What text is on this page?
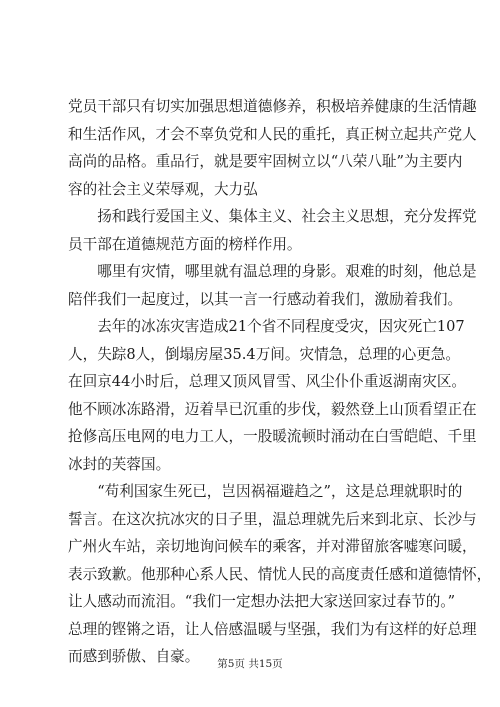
党员干部只有切实加强思想道德修养，积极培养健康的生活情趣
和生活作风，才会不辜负党和人民的重托，真正树立起共产党人
高尚的品格。重品行，就是要牢固树立以“八荣八耻”为主要内
容的社会主义荣辱观，大力弘
　　扬和践行爱国主义、集体主义、社会主义思想，充分发挥党
员干部在道德规范方面的榜样作用。
　　哪里有灾情，哪里就有温总理的身影。艰难的时刻，他总是
陪伴我们一起度过，以其一言一行感动着我们，激励着我们。
　　去年的冰冻灾害造成21个省不同程度受灾，因灾死亡107
人，失踪8人，倒塌房屋35.4万间。灾情急，总理的心更急。
在回京44小时后，总理又顶风冒雪、风尘仆仆重返湖南灾区。
他不顾冰冻路滑，迈着旱已沉重的步伐，毅然登上山顶看望正在
抢修高压电网的电力工人，一股暖流顿时涌动在白雪皑皑、千里
冰封的芙蓉国。
　　“苟利国家生死已，岂因祸福避趋之”，这是总理就职时的
誓言。在这次抗冰灾的日子里，温总理就先后来到北京、长沙与
广州火车站，亲切地询问候车的乘客，并对滞留旅客嘘寒问暖，
表示致歉。他那种心系人民、情忧人民的高度责任感和道德情怀，
让人感动而流泪。“我们一定想办法把大家送回家过春节的。”
总理的铿锵之语，让人倍感温暖与坚强，我们为有这样的好总理
而感到骄傲、自豪。	第5页 共15页
